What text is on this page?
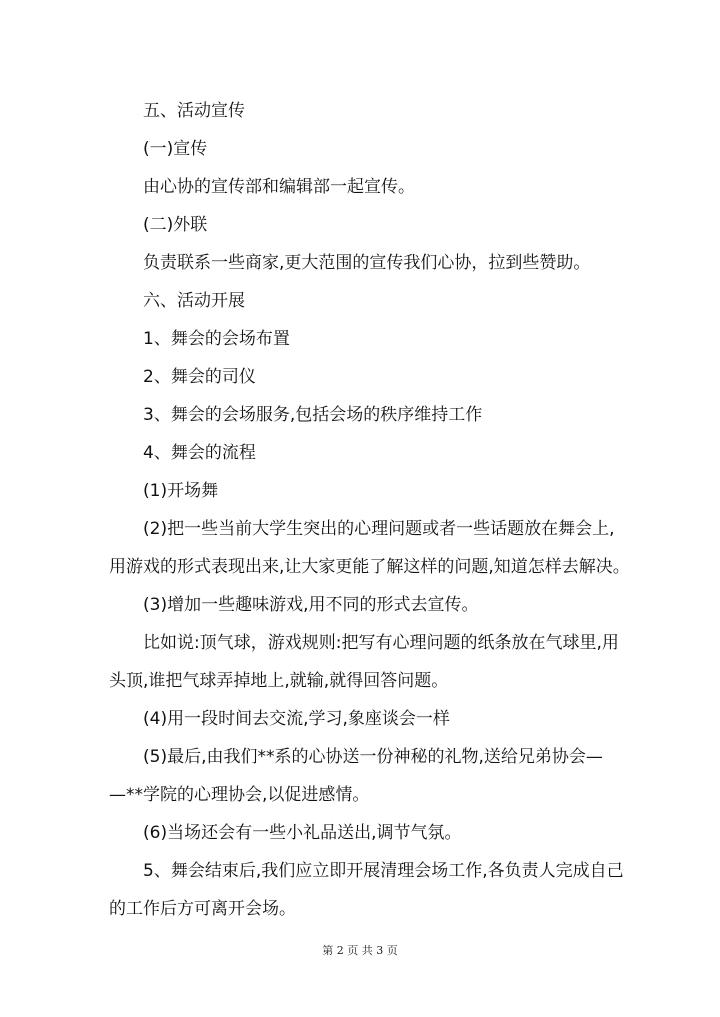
五、活动宣传

(一)宣传

由心协的宣传部和编辑部一起宣传。

(二)外联

负责联系一些商家,更大范围的宣传我们心协，拉到些赞助。

六、活动开展

1、舞会的会场布置

2、舞会的司仪

3、舞会的会场服务,包括会场的秩序维持工作

4、舞会的流程

(1)开场舞

(2)把一些当前大学生突出的心理问题或者一些话题放在舞会上,

用游戏的形式表现出来,让大家更能了解这样的问题,知道怎样去解决。

(3)增加一些趣味游戏,用不同的形式去宣传。

比如说:顶气球，游戏规则:把写有心理问题的纸条放在气球里,用

头顶,谁把气球弄掉地上,就输,就得回答问题。

(4)用一段时间去交流,学习,象座谈会一样

(5)最后,由我们**系的心协送一份神秘的礼物,送给兄弟协会—

—**学院的心理协会,以促进感情。

(6)当场还会有一些小礼品送出,调节气氛。

5、舞会结束后,我们应立即开展清理会场工作,各负责人完成自己

的工作后方可离开会场。

第 2 页 共 3 页
